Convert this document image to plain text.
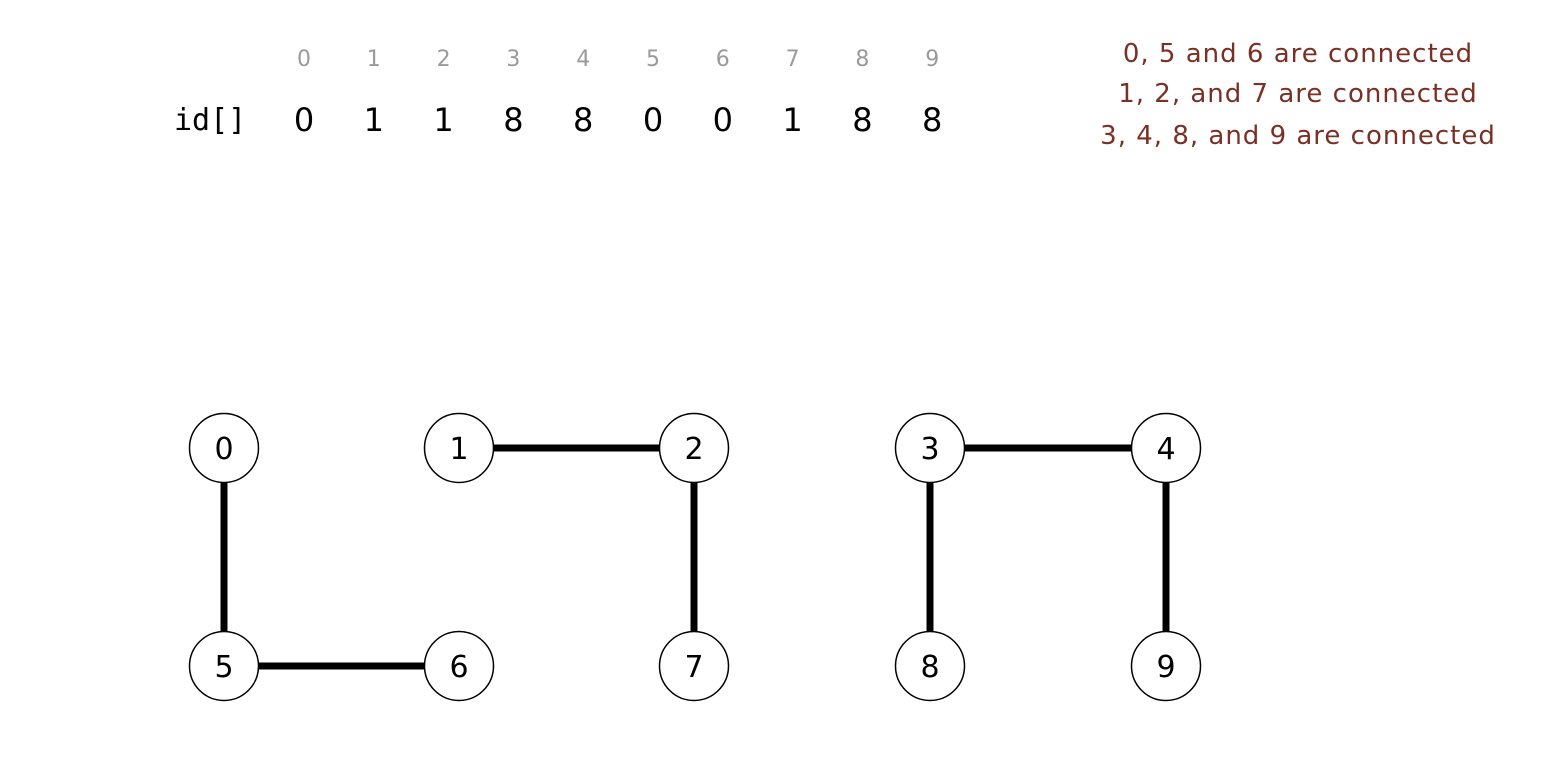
0	1	2	3	4	5	6	7	8	9
id[] 0 1 1 8 8 0 0 1 8 8
0, 5 and 6 are connected
1, 2, and 7 are connected
3, 4, 8, and 9 are connected
0	1	2	3	4
5	6	7	8	9
